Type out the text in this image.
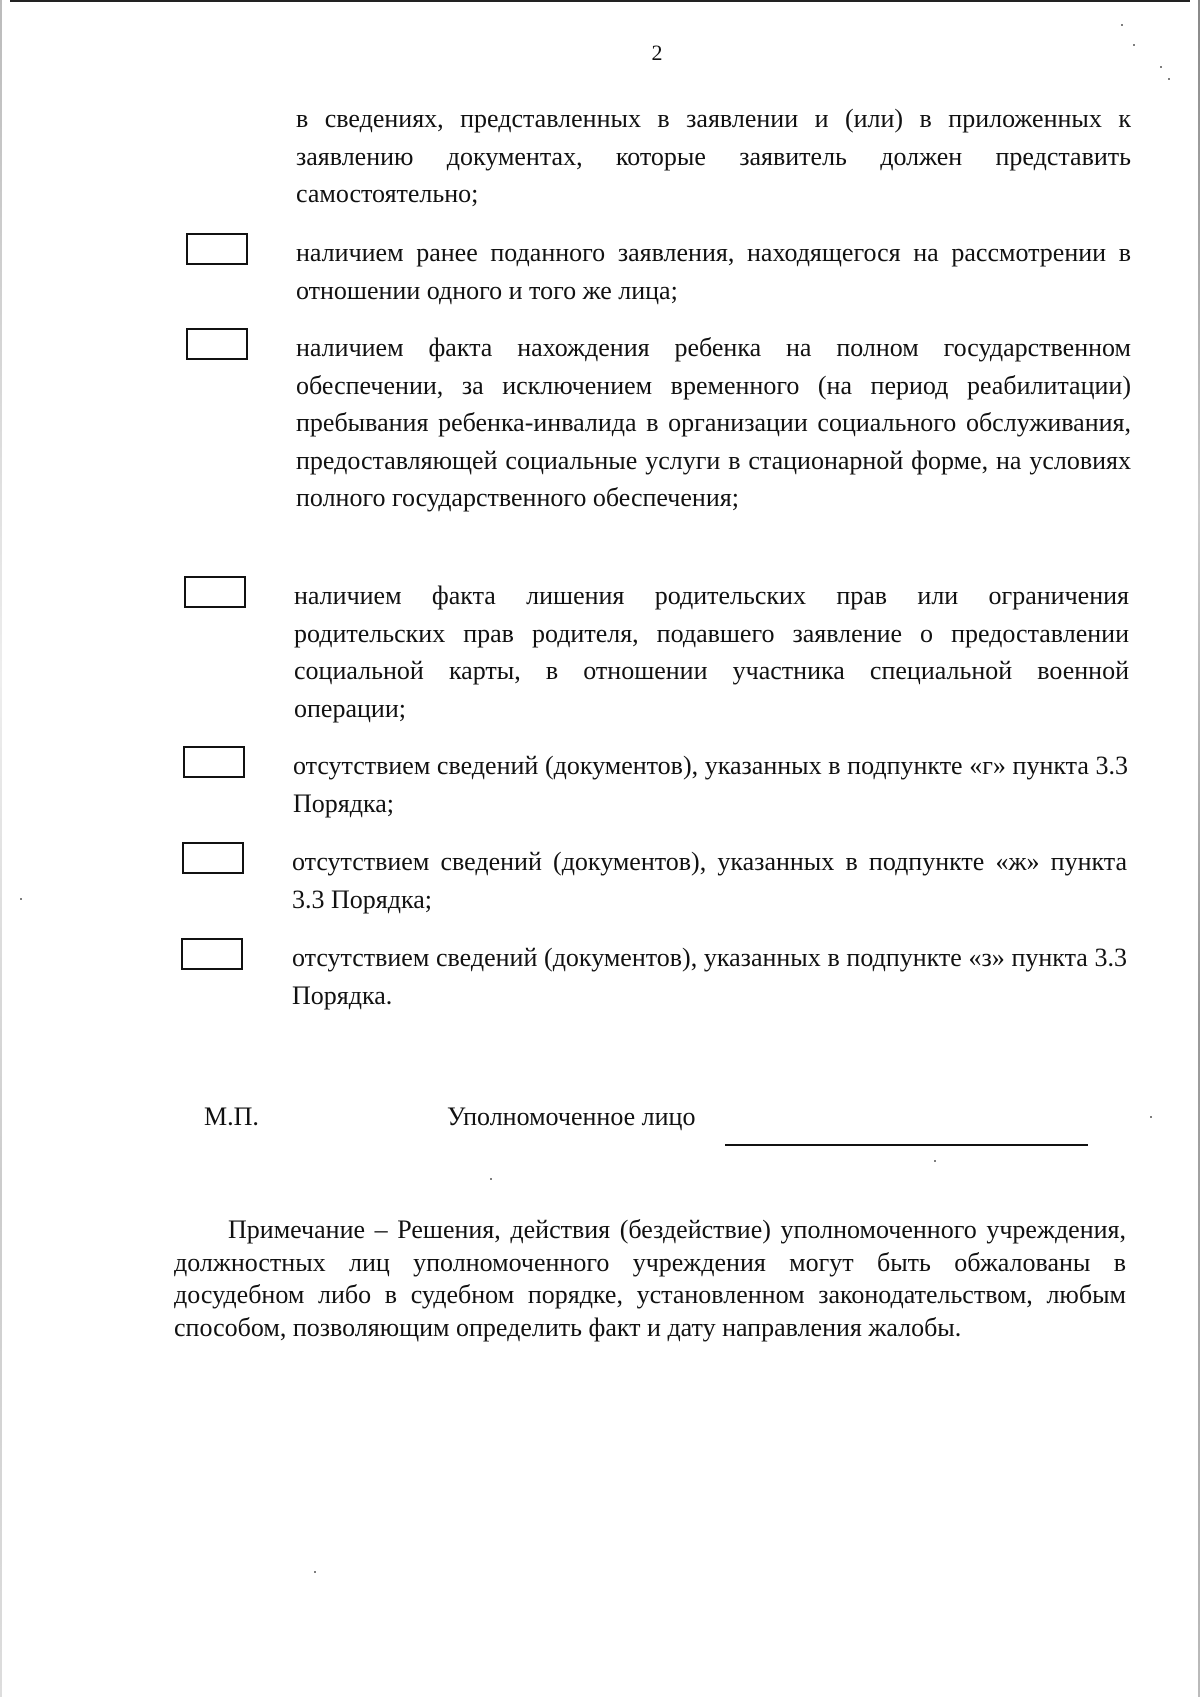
2
в сведениях, представленных в заявлении и (или) в приложенных к заявлению документах, которые заявитель должен представить самостоятельно;
наличием ранее поданного заявления, находящегося на рассмотрении в отношении одного и того же лица;
наличием факта нахождения ребенка на полном государственном обеспечении, за исключением временного (на период реабилитации) пребывания ребенка-инвалида в организации социального обслуживания, предоставляющей социальные услуги в стационарной форме, на условиях полного государственного обеспечения;
наличием факта лишения родительских прав или ограничения родительских прав родителя, подавшего заявление о предоставлении социальной карты, в отношении участника специальной военной операции;
отсутствием сведений (документов), указанных в подпункте «г» пункта 3.3 Порядка;
отсутствием сведений (документов), указанных в подпункте «ж» пункта 3.3 Порядка;
отсутствием сведений (документов), указанных в подпункте «з» пункта 3.3 Порядка.
М.П.	Уполномоченное лицо
Примечание – Решения, действия (бездействие) уполномоченного учреждения, должностных лиц уполномоченного учреждения могут быть обжалованы в досудебном либо в судебном порядке, установленном законодательством, любым способом, позволяющим определить факт и дату направления жалобы.
